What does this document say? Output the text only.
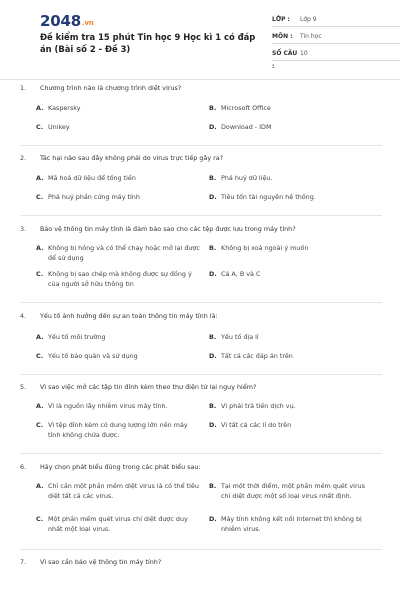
2048.vn
Đề kiểm tra 15 phút Tin học 9 Học kì 1 có đáp án (Bài số 2 - Đề 3)
LỚP :	Lớp 9
MÔN :	Tin học
SỐ CÂU :
10
1.	Chương trình nào là chương trình diệt virus?
A. Kaspersky	B. Microsoft Office
C. Unikey	D. Download - IDM
2.	Tác hại nào sau đây không phải do virus trực tiếp gây ra?
A. Mã hoá dữ liệu để tống tiền	B. Phá huỷ dữ liệu.
C. Phá huỷ phần cứng máy tính	D. Tiêu tốn tài nguyên hệ thống.
3.	Bảo vệ thông tin máy tính là đảm bảo sao cho các tệp được lưu trong máy tính?
A. Không bị hỏng và có thể chạy hoặc mở lại được để sử dụng
B. Không bị xoá ngoài ý muốn
C. Không bị sao chép mà không được sự đồng ý của người sở hữu thông tin
D. Cả A, B và C
4.	Yếu tố ảnh hưởng đến sự an toàn thông tin máy tính là:
A. Yếu tố môi trường	B. Yếu tố địa lí
C. Yếu tố bảo quản và sử dụng	D. Tất cả các đáp án trên
5.	Vì sao việc mở các tập tin đính kèm theo thư điện tử lại nguy hiểm?
A. Vì là nguồn lây nhiễm virus máy tính.	B. Vì phải trả tiền dịch vụ.
C. Vì tệp đính kèm có dung lượng lớn nên máy tính không chứa được.
D. Vì tất cả các lí do trên
6.	Hãy chọn phát biểu đúng trong các phát biểu sau:
A. Chỉ cần một phần mềm diệt virus là có thể tiêu diệt tất cả các virus.
B. Tại một thời điểm, một phần mềm quét virus chỉ diệt được một số loại virus nhất định.
C. Một phần mềm quét virus chỉ diệt được duy nhất một loại virus.
D. Máy tính không kết nối Internet thì không bị nhiễm virus.
7.	Vì sao cần bảo vệ thông tin máy tính?
